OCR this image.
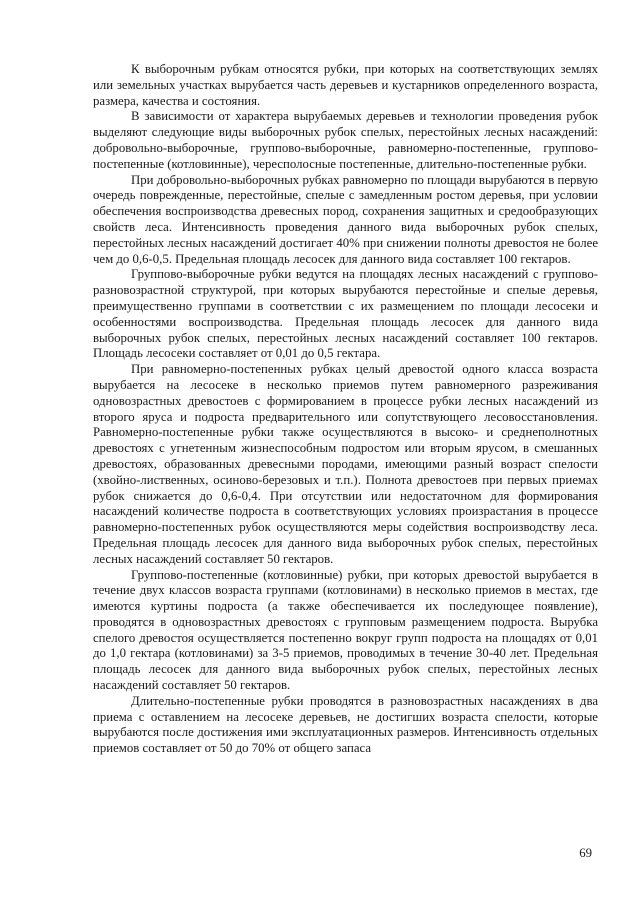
К выборочным рубкам относятся рубки, при которых на соответствующих землях или земельных участках вырубается часть деревьев и кустарников определенного возраста, размера, качества и состояния.

В зависимости от характера вырубаемых деревьев и технологии проведения рубок выделяют следующие виды выборочных рубок спелых, перестойных лесных насаждений: добровольно-выборочные, группово-выборочные, равномерно-постепенные, группово-постепенные (котловинные), чересполосные постепенные, длительно-постепенные рубки.

При добровольно-выборочных рубках равномерно по площади вырубаются в первую очередь поврежденные, перестойные, спелые с замедленным ростом деревья, при условии обеспечения воспроизводства древесных пород, сохранения защитных и средообразующих свойств леса. Интенсивность проведения данного вида выборочных рубок спелых, перестойных лесных насаждений достигает 40% при снижении полноты древостоя не более чем до 0,6-0,5. Предельная площадь лесосек для данного вида составляет 100 гектаров.

Группово-выборочные рубки ведутся на площадях лесных насаждений с группово-разновозрастной структурой, при которых вырубаются перестойные и спелые деревья, преимущественно группами в соответствии с их размещением по площади лесосеки и особенностями воспроизводства. Предельная площадь лесосек для данного вида выборочных рубок спелых, перестойных лесных насаждений составляет 100 гектаров. Площадь лесосеки составляет от 0,01 до 0,5 гектара.

При равномерно-постепенных рубках целый древостой одного класса возраста вырубается на лесосеке в несколько приемов путем равномерного разреживания одновозрастных древостоев с формированием в процессе рубки лесных насаждений из второго яруса и подроста предварительного или сопутствующего лесовосстановления. Равномерно-постепенные рубки также осуществляются в высоко- и среднеполнотных древостоях с угнетенным жизнеспособным подростом или вторым ярусом, в смешанных древостоях, образованных древесными породами, имеющими разный возраст спелости (хвойно-лиственных, осиново-березовых и т.п.). Полнота древостоев при первых приемах рубок снижается до 0,6-0,4. При отсутствии или недостаточном для формирования насаждений количестве подроста в соответствующих условиях произрастания в процессе равномерно-постепенных рубок осуществляются меры содействия воспроизводству леса. Предельная площадь лесосек для данного вида выборочных рубок спелых, перестойных лесных насаждений составляет 50 гектаров.

Группово-постепенные (котловинные) рубки, при которых древостой вырубается в течение двух классов возраста группами (котловинами) в несколько приемов в местах, где имеются куртины подроста (а также обеспечивается их последующее появление), проводятся в одновозрастных древостоях с групповым размещением подроста. Вырубка спелого древостоя осуществляется постепенно вокруг групп подроста на площадях от 0,01 до 1,0 гектара (котловинами) за 3-5 приемов, проводимых в течение 30-40 лет. Предельная площадь лесосек для данного вида выборочных рубок спелых, перестойных лесных насаждений составляет 50 гектаров.

Длительно-постепенные рубки проводятся в разновозрастных насаждениях в два приема с оставлением на лесосеке деревьев, не достигших возраста спелости, которые вырубаются после достижения ими эксплуатационных размеров. Интенсивность отдельных приемов составляет от 50 до 70% от общего запаса

69
